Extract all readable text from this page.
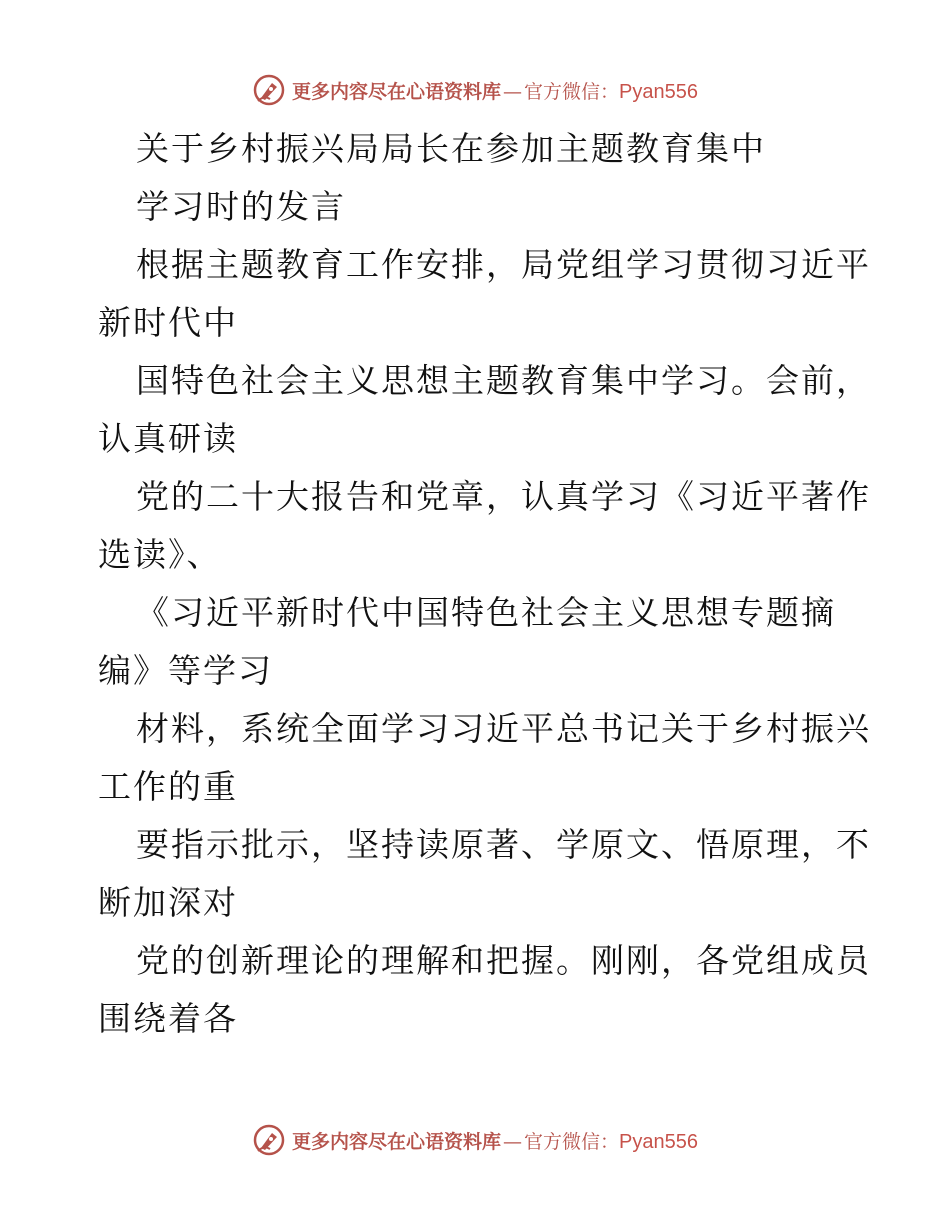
更多内容尽在心语资料库 — 官方微信： Pyan556
关于乡村振兴局局长在参加主题教育集中
学习时的发言
根据主题教育工作安排，局党组学习贯彻习近平
新时代中
国特色社会主义思想主题教育集中学习。会前，
认真研读
党的二十大报告和党章，认真学习《习近平著作
选读》、
《习近平新时代中国特色社会主义思想专题摘
编》等学习
材料，系统全面学习习近平总书记关于乡村振兴
工作的重
要指示批示，坚持读原著、学原文、悟原理，不
断加深对
党的创新理论的理解和把握。刚刚，各党组成员
围绕着各
更多内容尽在心语资料库 — 官方微信： Pyan556
